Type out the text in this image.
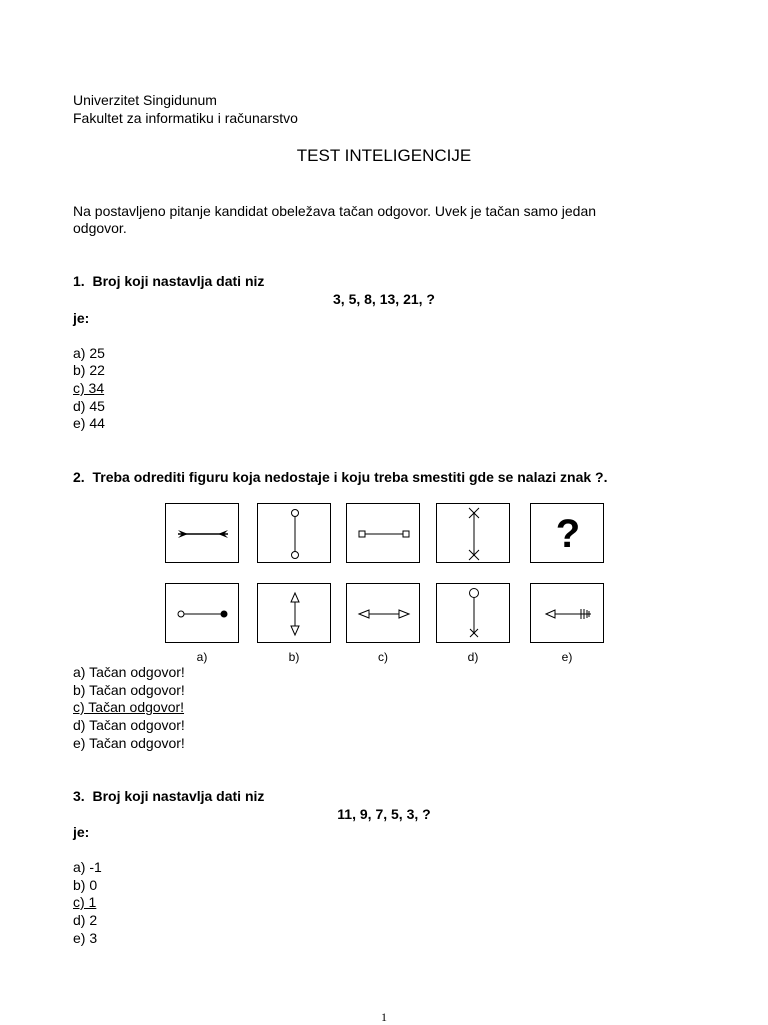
Univerzitet Singidunum
Fakultet za informatiku i računarstvo
TEST INTELIGENCIJE
Na postavljeno pitanje kandidat obeležava tačan odgovor. Uvek je tačan samo jedan
odgovor.
1. Broj koji nastavlja dati niz
3, 5, 8, 13, 21, ?
je:
a) 25
b) 22
c) 34
d) 45
e) 44
2. Treba odrediti figuru koja nedostaje i koju treba smestiti gde se nalazi znak ?.
?
a)	b)	c)	d)	e)
a) Tačan odgovor!
b) Tačan odgovor!
c) Tačan odgovor!
d) Tačan odgovor!
e) Tačan odgovor!
3. Broj koji nastavlja dati niz
11, 9, 7, 5, 3, ?
je:
a) -1
b) 0
c) 1
d) 2
e) 3
1
